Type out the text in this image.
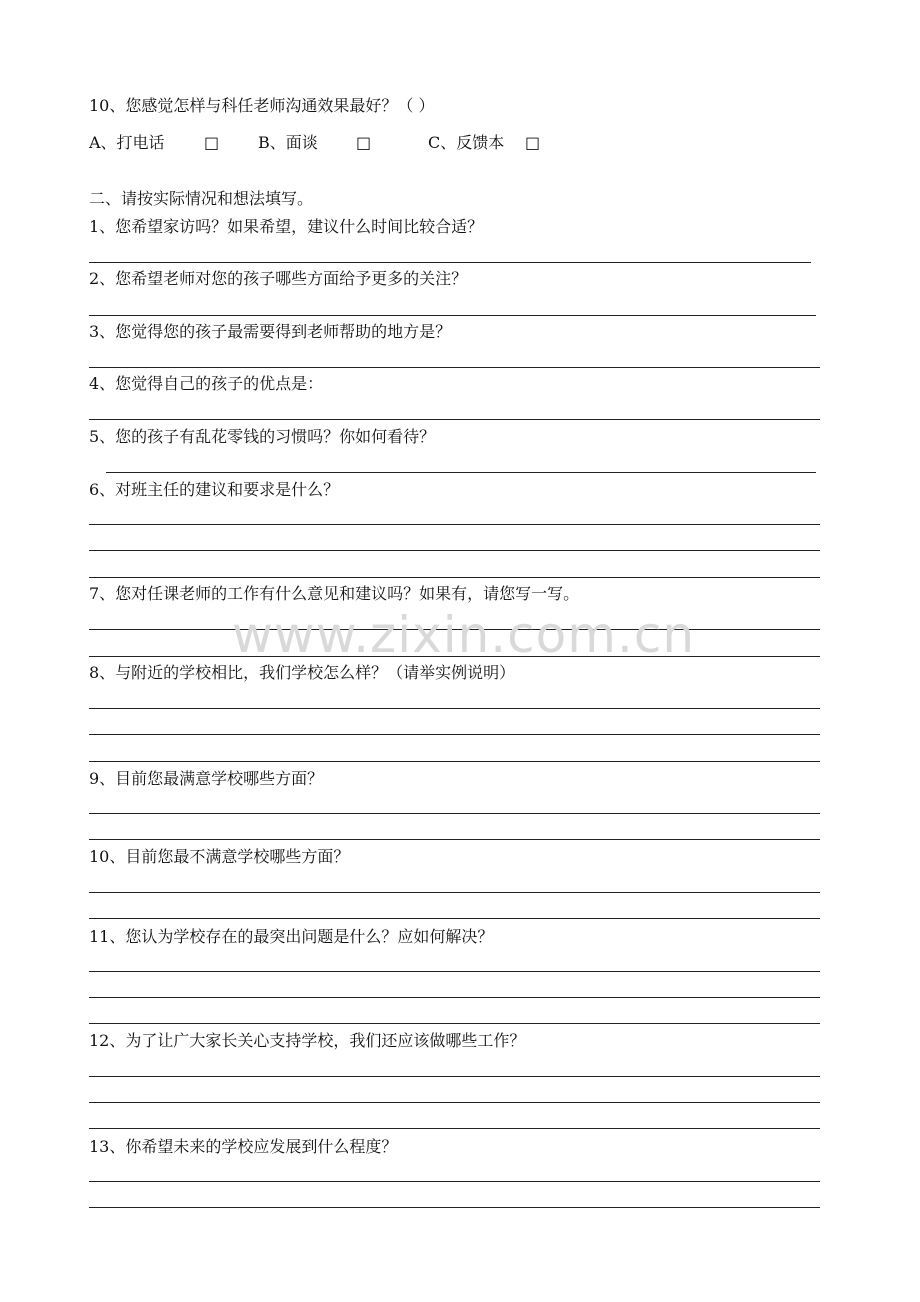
10、您感觉怎样与科任老师沟通效果最好？（ ）
A、打电话 □ B、面谈 □	C、反馈本 □
二、请按实际情况和想法填写。
1、您希望家访吗？如果希望，建议什么时间比较合适？
2、您希望老师对您的孩子哪些方面给予更多的关注？
3、您觉得您的孩子最需要得到老师帮助的地方是？
4、您觉得自己的孩子的优点是：
5、您的孩子有乱花零钱的习惯吗？你如何看待？
6、对班主任的建议和要求是什么？
7、您对任课老师的工作有什么意见和建议吗？如果有，请您写一写。
8、与附近的学校相比，我们学校怎么样？（请举实例说明）
9、目前您最满意学校哪些方面？
10、目前您最不满意学校哪些方面？
11、您认为学校存在的最突出问题是什么？应如何解决？
12、为了让广大家长关心支持学校，我们还应该做哪些工作？
13、你希望未来的学校应发展到什么程度？
www.zixin.com.cn
